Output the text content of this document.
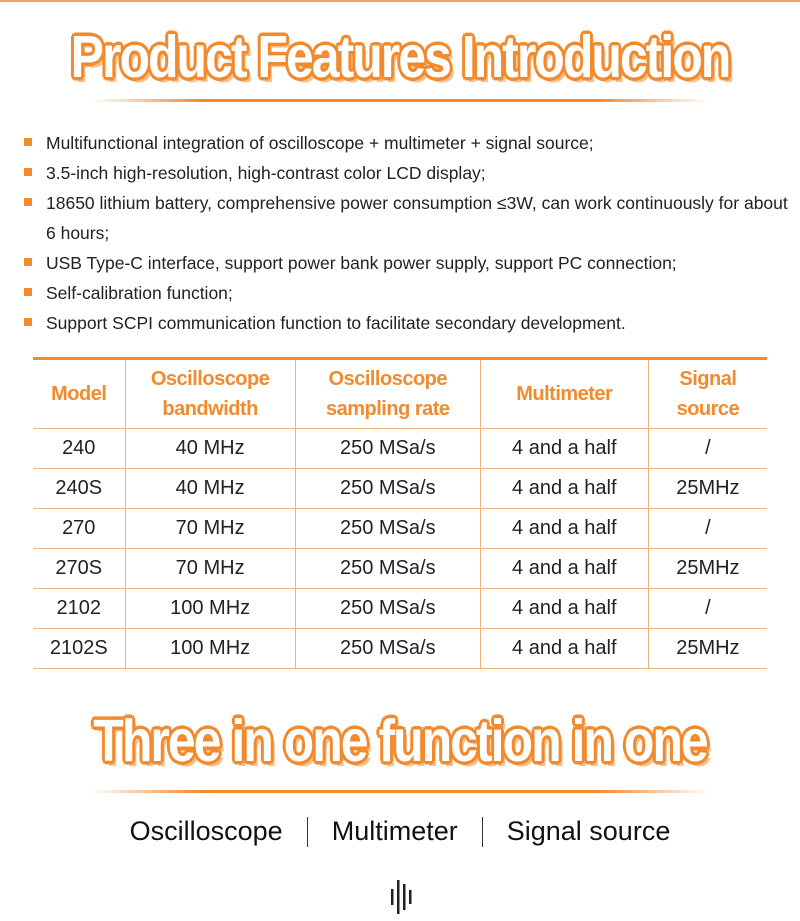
Product Features Introduction
Multifunctional integration of oscilloscope + multimeter + signal source;
3.5-inch high-resolution, high-contrast color LCD display;
18650 lithium battery, comprehensive power consumption ≤3W, can work continuously for about 6 hours;
USB Type-C interface, support power bank power supply, support PC connection;
Self-calibration function;
Support SCPI communication function to facilitate secondary development.
Model	Oscilloscope bandwidth	Oscilloscope sampling rate	Multimeter	Signal source
240	40 MHz	250 MSa/s	4 and a half	/
240S	40 MHz	250 MSa/s	4 and a half	25MHz
270	70 MHz	250 MSa/s	4 and a half	/
270S	70 MHz	250 MSa/s	4 and a half	25MHz
2102	100 MHz	250 MSa/s	4 and a half	/
2102S	100 MHz	250 MSa/s	4 and a half	25MHz
Three in one function in one
Oscilloscope Multimeter Signal source
